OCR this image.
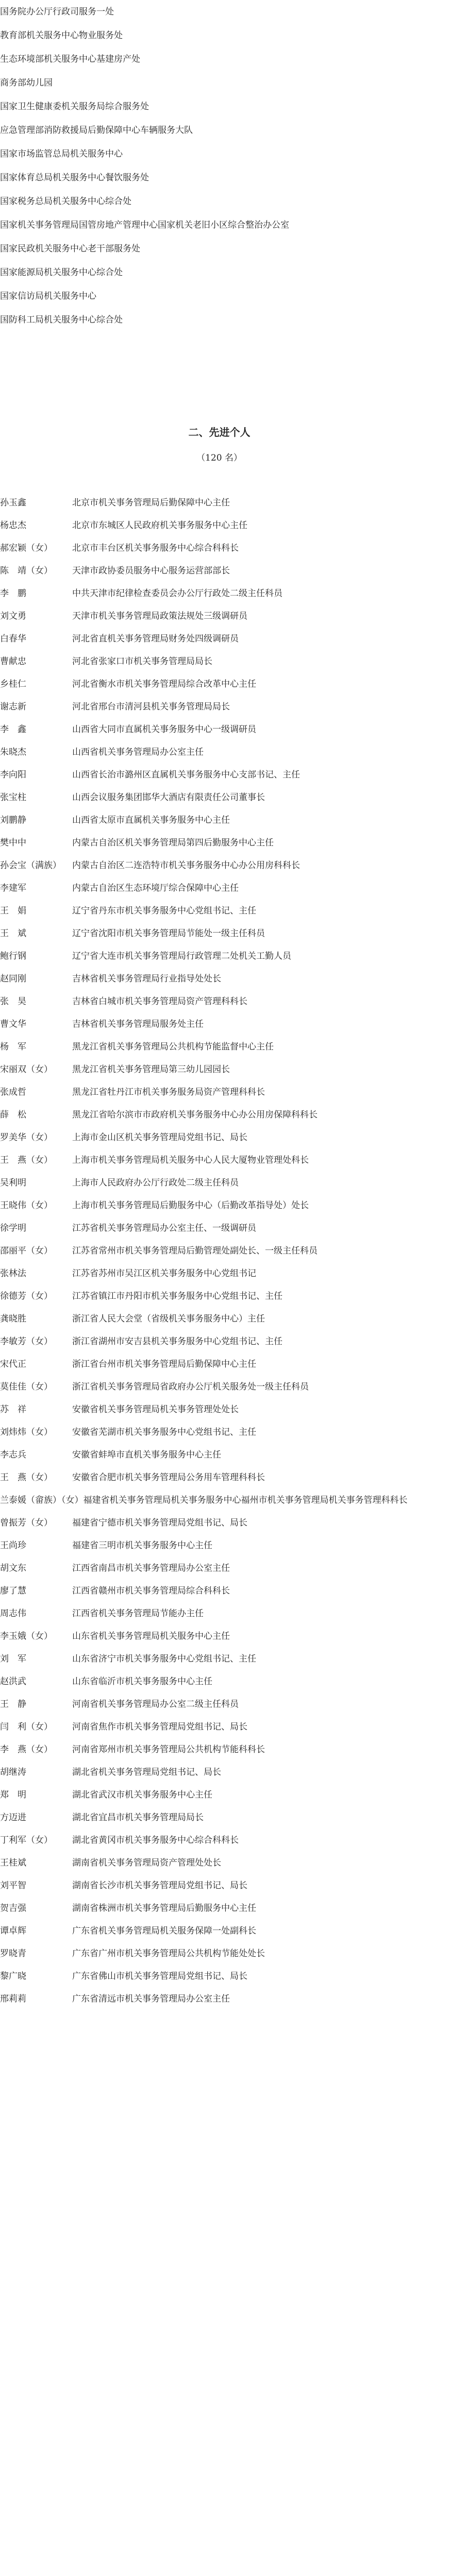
国务院办公厅行政司服务一处
教育部机关服务中心物业服务处
生态环境部机关服务中心基建房产处
商务部幼儿园
国家卫生健康委机关服务局综合服务处
应急管理部消防救援局后勤保障中心车辆服务大队
国家市场监管总局机关服务中心
国家体育总局机关服务中心餐饮服务处
国家税务总局机关服务中心综合处
国家机关事务管理局国管房地产管理中心国家机关老旧小区综合整治办公室
国家民政机关服务中心老干部服务处
国家能源局机关服务中心综合处
国家信访局机关服务中心
国防科工局机关服务中心综合处
二、先进个人
（120 名）
孙玉鑫	北京市机关事务管理局后勤保障中心主任
杨忠杰	北京市东城区人民政府机关事务服务中心主任
郝宏颖（女）	北京市丰台区机关事务服务中心综合科科长
陈　靖（女）	天津市政协委员服务中心服务运营部部长
李　鹏	中共天津市纪律检查委员会办公厅行政处二级主任科员
刘文勇	天津市机关事务管理局政策法规处三级调研员
白春华	河北省直机关事务管理局财务处四级调研员
曹献忠	河北省张家口市机关事务管理局局长
乡桂仁	河北省衡水市机关事务管理局综合改革中心主任
谢志新	河北省邢台市清河县机关事务管理局局长
李　鑫	山西省大同市直属机关事务服务中心一级调研员
朱晓杰	山西省机关事务管理局办公室主任
李向阳	山西省长治市潞州区直属机关事务服务中心支部书记、主任
张宝柱	山西会议服务集团邯华大酒店有限责任公司董事长
刘鹏静	山西省太原市直属机关事务服务中心主任
樊中中	内蒙古自治区机关事务管理局第四后勤服务中心主任
孙会宝（满族）	内蒙古自治区二连浩特市机关事务服务中心办公用房科科长
李建军	内蒙古自治区生态环境厅综合保障中心主任
王　娟	辽宁省丹东市机关事务服务中心党组书记、主任
王　斌	辽宁省沈阳市机关事务管理局节能处一级主任科员
鲍行钢	辽宁省大连市机关事务管理局行政管理二处机关工勤人员
赵同刚	吉林省机关事务管理局行业指导处处长
张　昊	吉林省白城市机关事务管理局资产管理科科长
曹文华	吉林省机关事务管理局服务处主任
杨　军	黑龙江省机关事务管理局公共机构节能监督中心主任
宋丽双（女）	黑龙江省机关事务管理局第三幼儿园园长
张成哲	黑龙江省牡丹江市机关事务服务局资产管理科科长
薛　松	黑龙江省哈尔滨市市政府机关事务服务中心办公用房保障科科长
罗美华（女）	上海市金山区机关事务管理局党组书记、局长
王　燕（女）	上海市机关事务管理局机关服务中心人民大厦物业管理处科长
吴利明	上海市人民政府办公厅行政处二级主任科员
王晓伟（女）	上海市机关事务管理局后勤服务中心（后勤改革指导处）处长
徐学明	江苏省机关事务管理局办公室主任、一级调研员
邵丽平（女）	江苏省常州市机关事务管理局后勤管理处副处长、一级主任科员
张林法	江苏省苏州市吴江区机关事务服务中心党组书记
徐德芳（女）	江苏省镇江市丹阳市机关事务服务中心党组书记、主任
龚晓胜	浙江省人民大会堂（省级机关事务服务中心）主任
李敏芳（女）	浙江省湖州市安吉县机关事务服务中心党组书记、主任
宋代正	浙江省台州市机关事务管理局后勤保障中心主任
莫佳佳（女）	浙江省机关事务管理局省政府办公厅机关服务处一级主任科员
苏　祥	安徽省机关事务管理局机关事务管理处处长
刘炜炜（女）	安徽省芜湖市机关事务服务中心党组书记、主任
李志兵	安徽省蚌埠市直机关事务服务中心主任
王　燕（女）	安徽省合肥市机关事务管理局公务用车管理科科长
兰泰媛（畲族）（女） 福建省机关事务管理局机关事务服务中心福州市机关事务管理局机关事务管理科科长
曾振芳（女）	福建省宁德市机关事务管理局党组书记、局长
王尚珍	福建省三明市机关事务服务中心主任
胡文东	江西省南昌市机关事务管理局办公室主任
廖了慧	江西省赣州市机关事务管理局综合科科长
周志伟	江西省机关事务管理局节能办主任
李玉娥（女）	山东省机关事务管理局机关服务中心主任
刘　军	山东省济宁市机关事务服务中心党组书记、主任
赵洪武	山东省临沂市机关事务服务中心主任
王　静	河南省机关事务管理局办公室二级主任科员
闫　利（女）	河南省焦作市机关事务管理局党组书记、局长
李　燕（女）	河南省郑州市机关事务管理局公共机构节能科科长
胡继涛	湖北省机关事务管理局党组书记、局长
郑　明	湖北省武汉市机关事务服务中心主任
方迈进	湖北省宜昌市机关事务管理局局长
丁利军（女）	湖北省黄冈市机关事务服务中心综合科科长
王桂斌	湖南省机关事务管理局资产管理处处长
刘平智	湖南省长沙市机关事务管理局党组书记、局长
贺吉强	湖南省株洲市机关事务管理局后勤服务中心主任
谭卓辉	广东省机关事务管理局机关服务保障一处副科长
罗晓青	广东省广州市机关事务管理局公共机构节能处处长
黎广晓	广东省佛山市机关事务管理局党组书记、局长
邢莉莉	广东省清远市机关事务管理局办公室主任
